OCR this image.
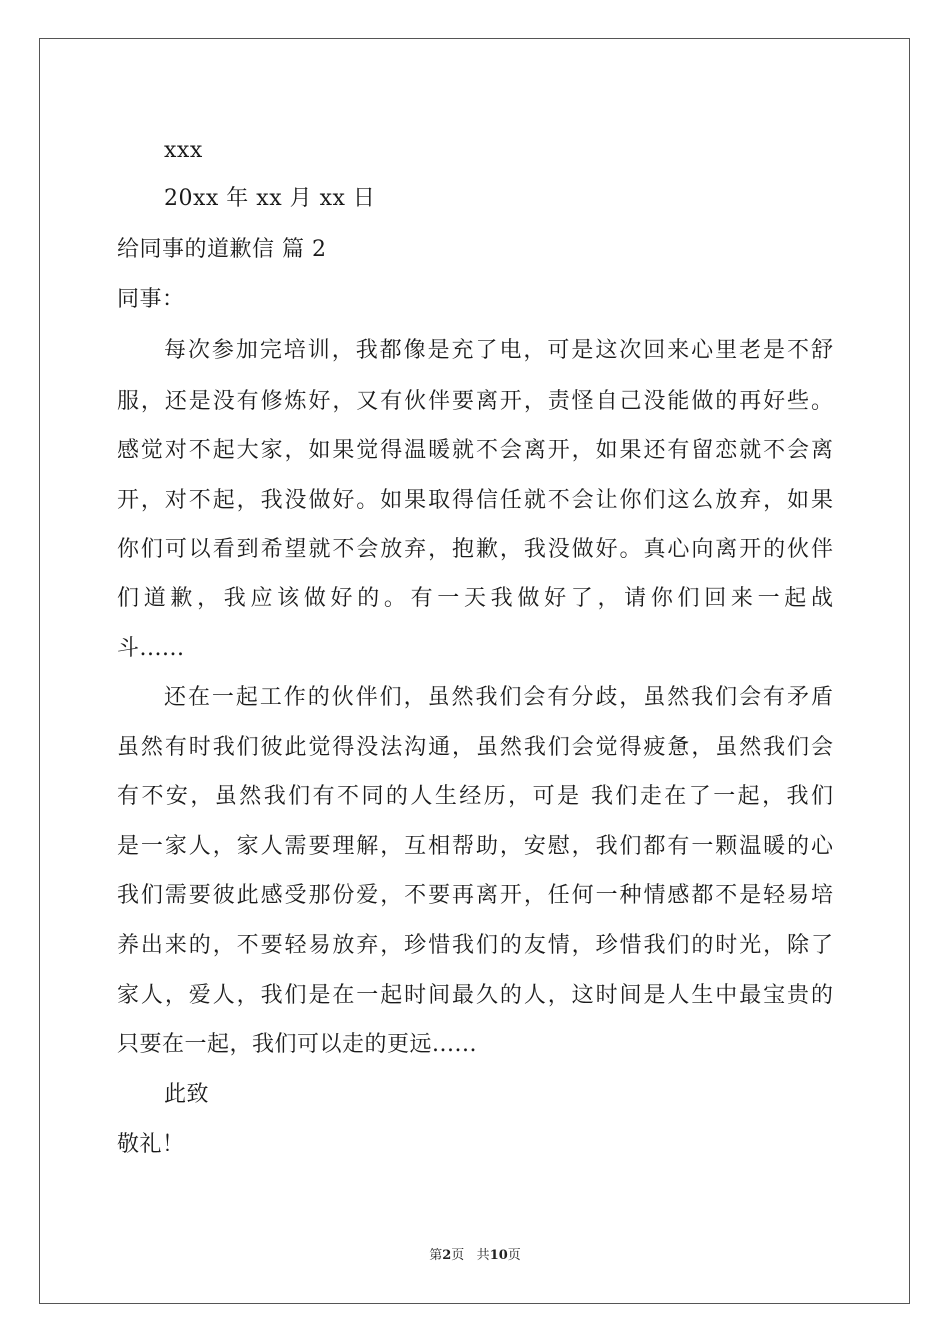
xxx
20xx 年 xx 月 xx 日
给同事的道歉信 篇 2
同事：
每次参加完培训，我都像是充了电，可是这次回来心里老是不舒
服，还是没有修炼好，又有伙伴要离开，责怪自己没能做的再好些。
感觉对不起大家，如果觉得温暖就不会离开，如果还有留恋就不会离
开，对不起，我没做好。如果取得信任就不会让你们这么放弃，如果
你们可以看到希望就不会放弃，抱歉，我没做好。真心向离开的伙伴
们道歉，我应该做好的。有一天我做好了，请你们回来一起战
斗......
还在一起工作的伙伴们，虽然我们会有分歧，虽然我们会有矛盾
虽然有时我们彼此觉得没法沟通，虽然我们会觉得疲惫，虽然我们会
有不安，虽然我们有不同的人生经历，可是 我们走在了一起，我们
是一家人，家人需要理解，互相帮助，安慰，我们都有一颗温暖的心
我们需要彼此感受那份爱，不要再离开，任何一种情感都不是轻易培
养出来的，不要轻易放弃，珍惜我们的友情，珍惜我们的时光，除了
家人，爱人，我们是在一起时间最久的人，这时间是人生中最宝贵的
只要在一起，我们可以走的更远......
此致
敬礼！
第2页 共10页
